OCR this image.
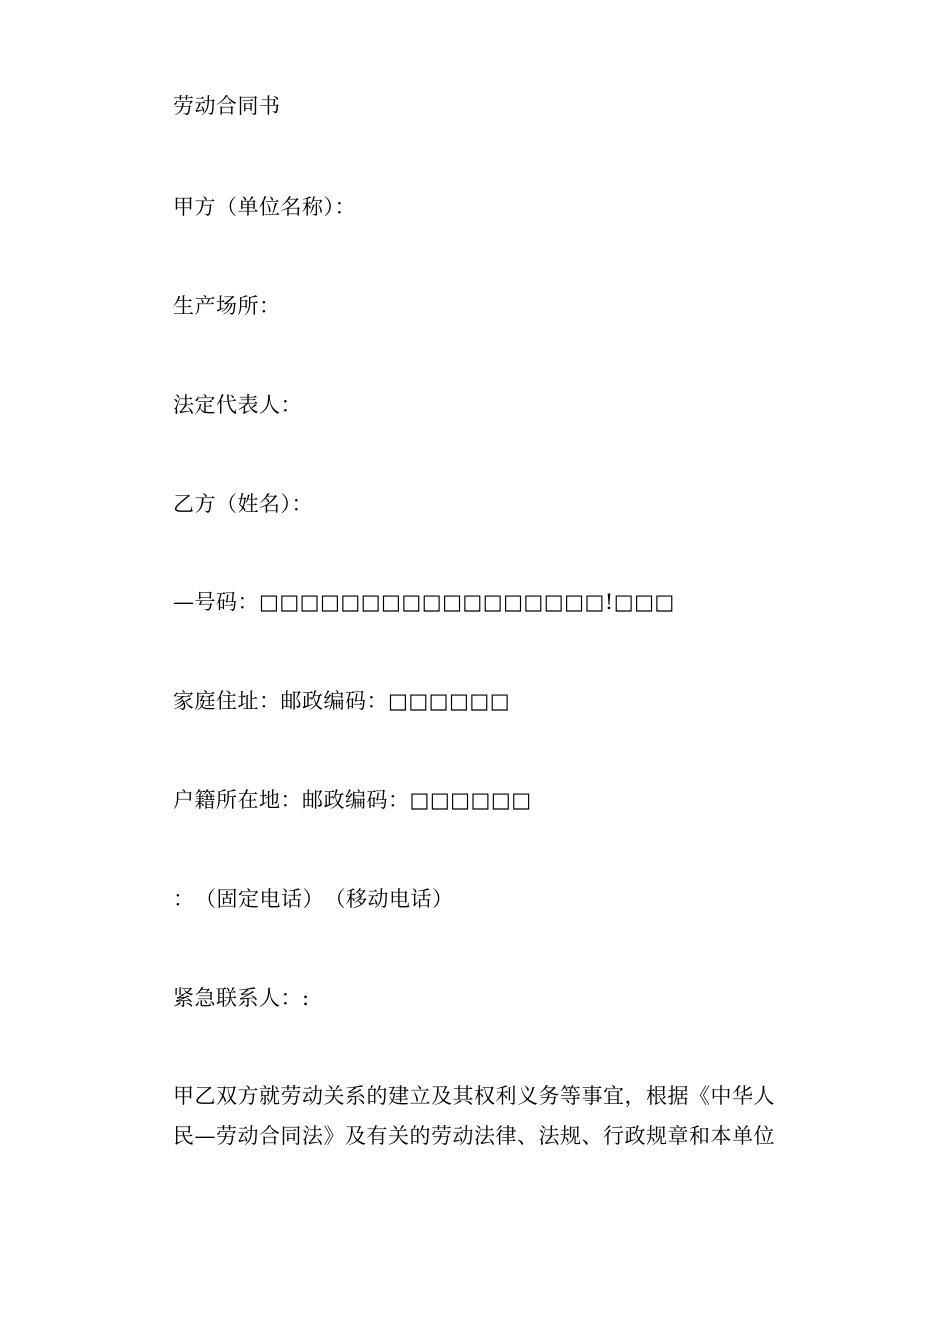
劳动合同书
甲方（单位名称）：
生产场所：
法定代表人：
乙方（姓名）：
—号码：□□□□□□□□□□□□□□□□□!□□□
家庭住址：邮政编码：□□□□□□
户籍所在地：邮政编码：□□□□□□
：　（固定电话）　（移动电话）
紧急联系人：:
甲乙双方就劳动关系的建立及其权利义务等事宜，根据《中华人
民—劳动合同法》及有关的劳动法律、法规、行政规章和本单位
